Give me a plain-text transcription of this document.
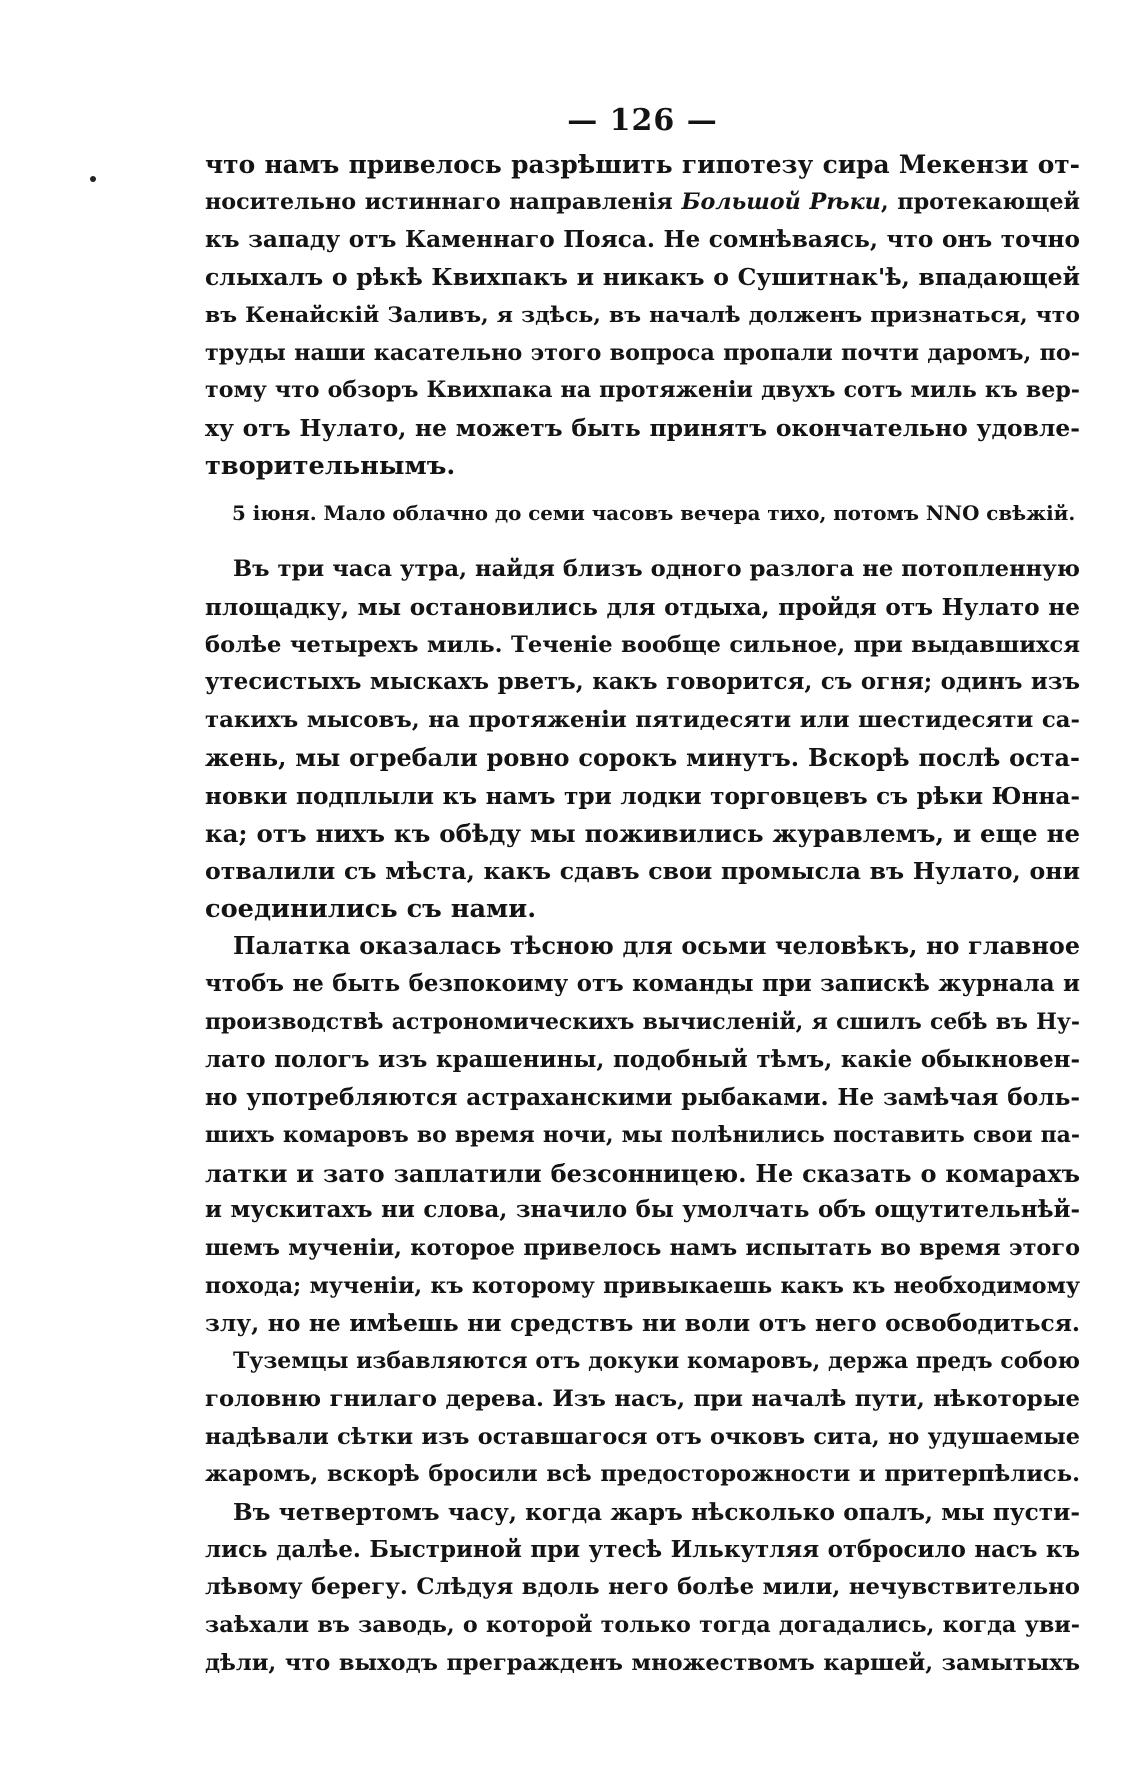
— 126 —
что намъ привелось разрѣшить гипотезу сира Мекензи от-
носительно истиннаго направленія Большой Рѣки, протекающей
къ западу отъ Каменнаго Пояса. Не сомнѣваясь, что онъ точно
слыхалъ о рѣкѣ Квихпакъ и никакъ о Сушитнак'ѣ, впадающей
въ Кенайскій Заливъ, я здѣсь, въ началѣ долженъ признаться, что
труды наши касательно этого вопроса пропали почти даромъ, по-
тому что обзоръ Квихпака на протяженіи двухъ сотъ миль къ вер-
ху отъ Нулато, не можетъ быть принятъ окончательно удовле-
творительнымъ.
5 іюня. Мало облачно до семи часовъ вечера тихо, потомъ NNO свѣжій.
Въ три часа утра, найдя близъ одного разлога не потопленную
площадку, мы остановились для отдыха, пройдя отъ Нулато не
болѣе четырехъ миль. Теченіе вообще сильное, при выдавшихся
утесистыхъ мыскахъ рветъ, какъ говорится, съ огня; одинъ изъ
такихъ мысовъ, на протяженіи пятидесяти или шестидесяти са-
жень, мы огребали ровно сорокъ минутъ. Вскорѣ послѣ оста-
новки подплыли къ намъ три лодки торговцевъ съ рѣки Юнна-
ка; отъ нихъ къ обѣду мы поживились журавлемъ, и еще не
отвалили съ мѣста, какъ сдавъ свои промысла въ Нулато, они
соединились съ нами.
Палатка оказалась тѣсною для осьми человѣкъ, но главное
чтобъ не быть безпокоиму отъ команды при запискѣ журнала и
производствѣ астрономическихъ вычисленій, я сшилъ себѣ въ Ну-
лато пологъ изъ крашенины, подобный тѣмъ, какіе обыкновен-
но употребляются астраханскими рыбаками. Не замѣчая боль-
шихъ комаровъ во время ночи, мы полѣнились поставить свои па-
латки и зато заплатили безсонницею. Не сказать о комарахъ
и мускитахъ ни слова, значило бы умолчать объ ощутительнѣй-
шемъ мученіи, которое привелось намъ испытать во время этого
похода; мученіи, къ которому привыкаешь какъ къ необходимому
злу, но не имѣешь ни средствъ ни воли отъ него освободиться.
Туземцы избавляются отъ докуки комаровъ, держа предъ собою
головню гнилаго дерева. Изъ насъ, при началѣ пути, нѣкоторые
надѣвали сѣтки изъ оставшагося отъ очковъ сита, но удушаемые
жаромъ, вскорѣ бросили всѣ предосторожности и притерпѣлись.
Въ четвертомъ часу, когда жаръ нѣсколько опалъ, мы пусти-
лись далѣе. Быстриной при утесѣ Илькутляя отбросило насъ къ
лѣвому берегу. Слѣдуя вдоль него болѣе мили, нечувствительно
заѣхали въ заводь, о которой только тогда догадались, когда уви-
дѣли, что выходъ прегражденъ множествомъ каршей, замытыхъ
